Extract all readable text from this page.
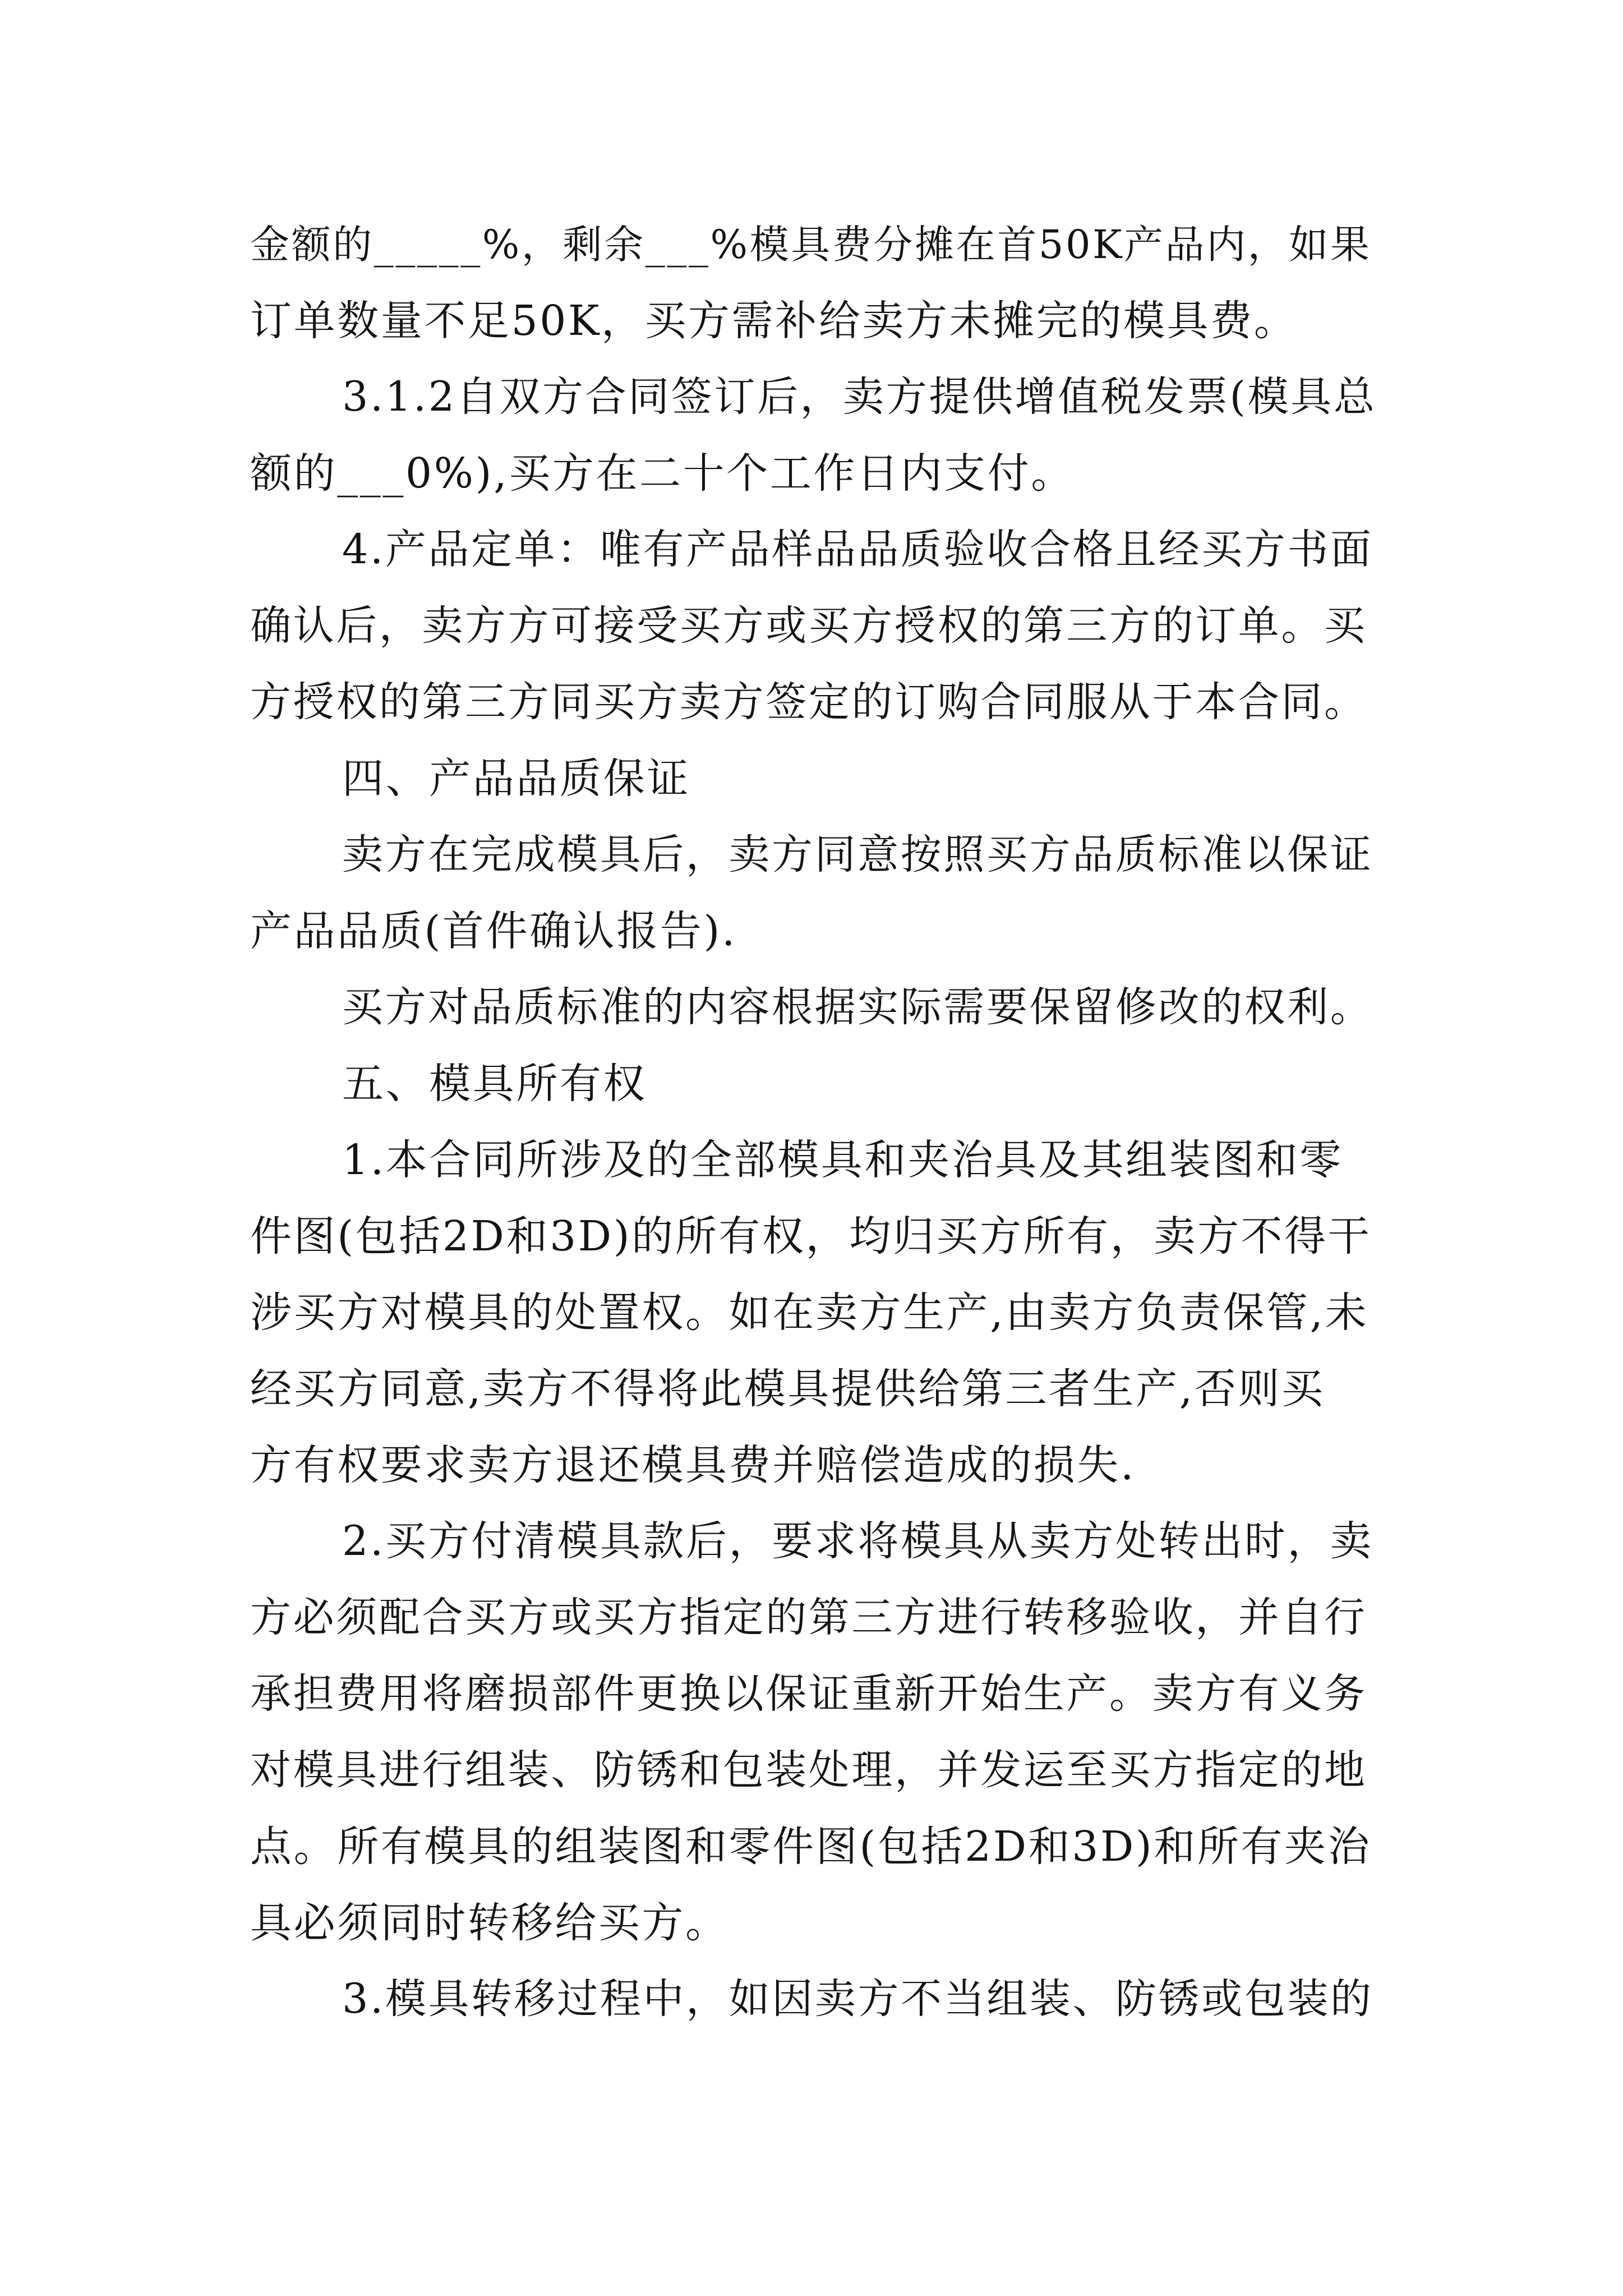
金额的_____%，剩余___%模具费分摊在首50K产品内，如果
订单数量不足50K，买方需补给卖方未摊完的模具费。
3.1.2自双方合同签订后，卖方提供增值税发票(模具总
额的___0%),买方在二十个工作日内支付。
4.产品定单：唯有产品样品品质验收合格且经买方书面
确认后，卖方方可接受买方或买方授权的第三方的订单。买
方授权的第三方同买方卖方签定的订购合同服从于本合同。
四、产品品质保证
卖方在完成模具后，卖方同意按照买方品质标准以保证
产品品质(首件确认报告).
买方对品质标准的内容根据实际需要保留修改的权利。
五、模具所有权
1.本合同所涉及的全部模具和夹治具及其组装图和零
件图(包括2D和3D)的所有权，均归买方所有，卖方不得干
涉买方对模具的处置权。如在卖方生产,由卖方负责保管,未
经买方同意,卖方不得将此模具提供给第三者生产,否则买
方有权要求卖方退还模具费并赔偿造成的损失.
2.买方付清模具款后，要求将模具从卖方处转出时，卖
方必须配合买方或买方指定的第三方进行转移验收，并自行
承担费用将磨损部件更换以保证重新开始生产。卖方有义务
对模具进行组装、防锈和包装处理，并发运至买方指定的地
点。所有模具的组装图和零件图(包括2D和3D)和所有夹治
具必须同时转移给买方。
3.模具转移过程中，如因卖方不当组装、防锈或包装的
